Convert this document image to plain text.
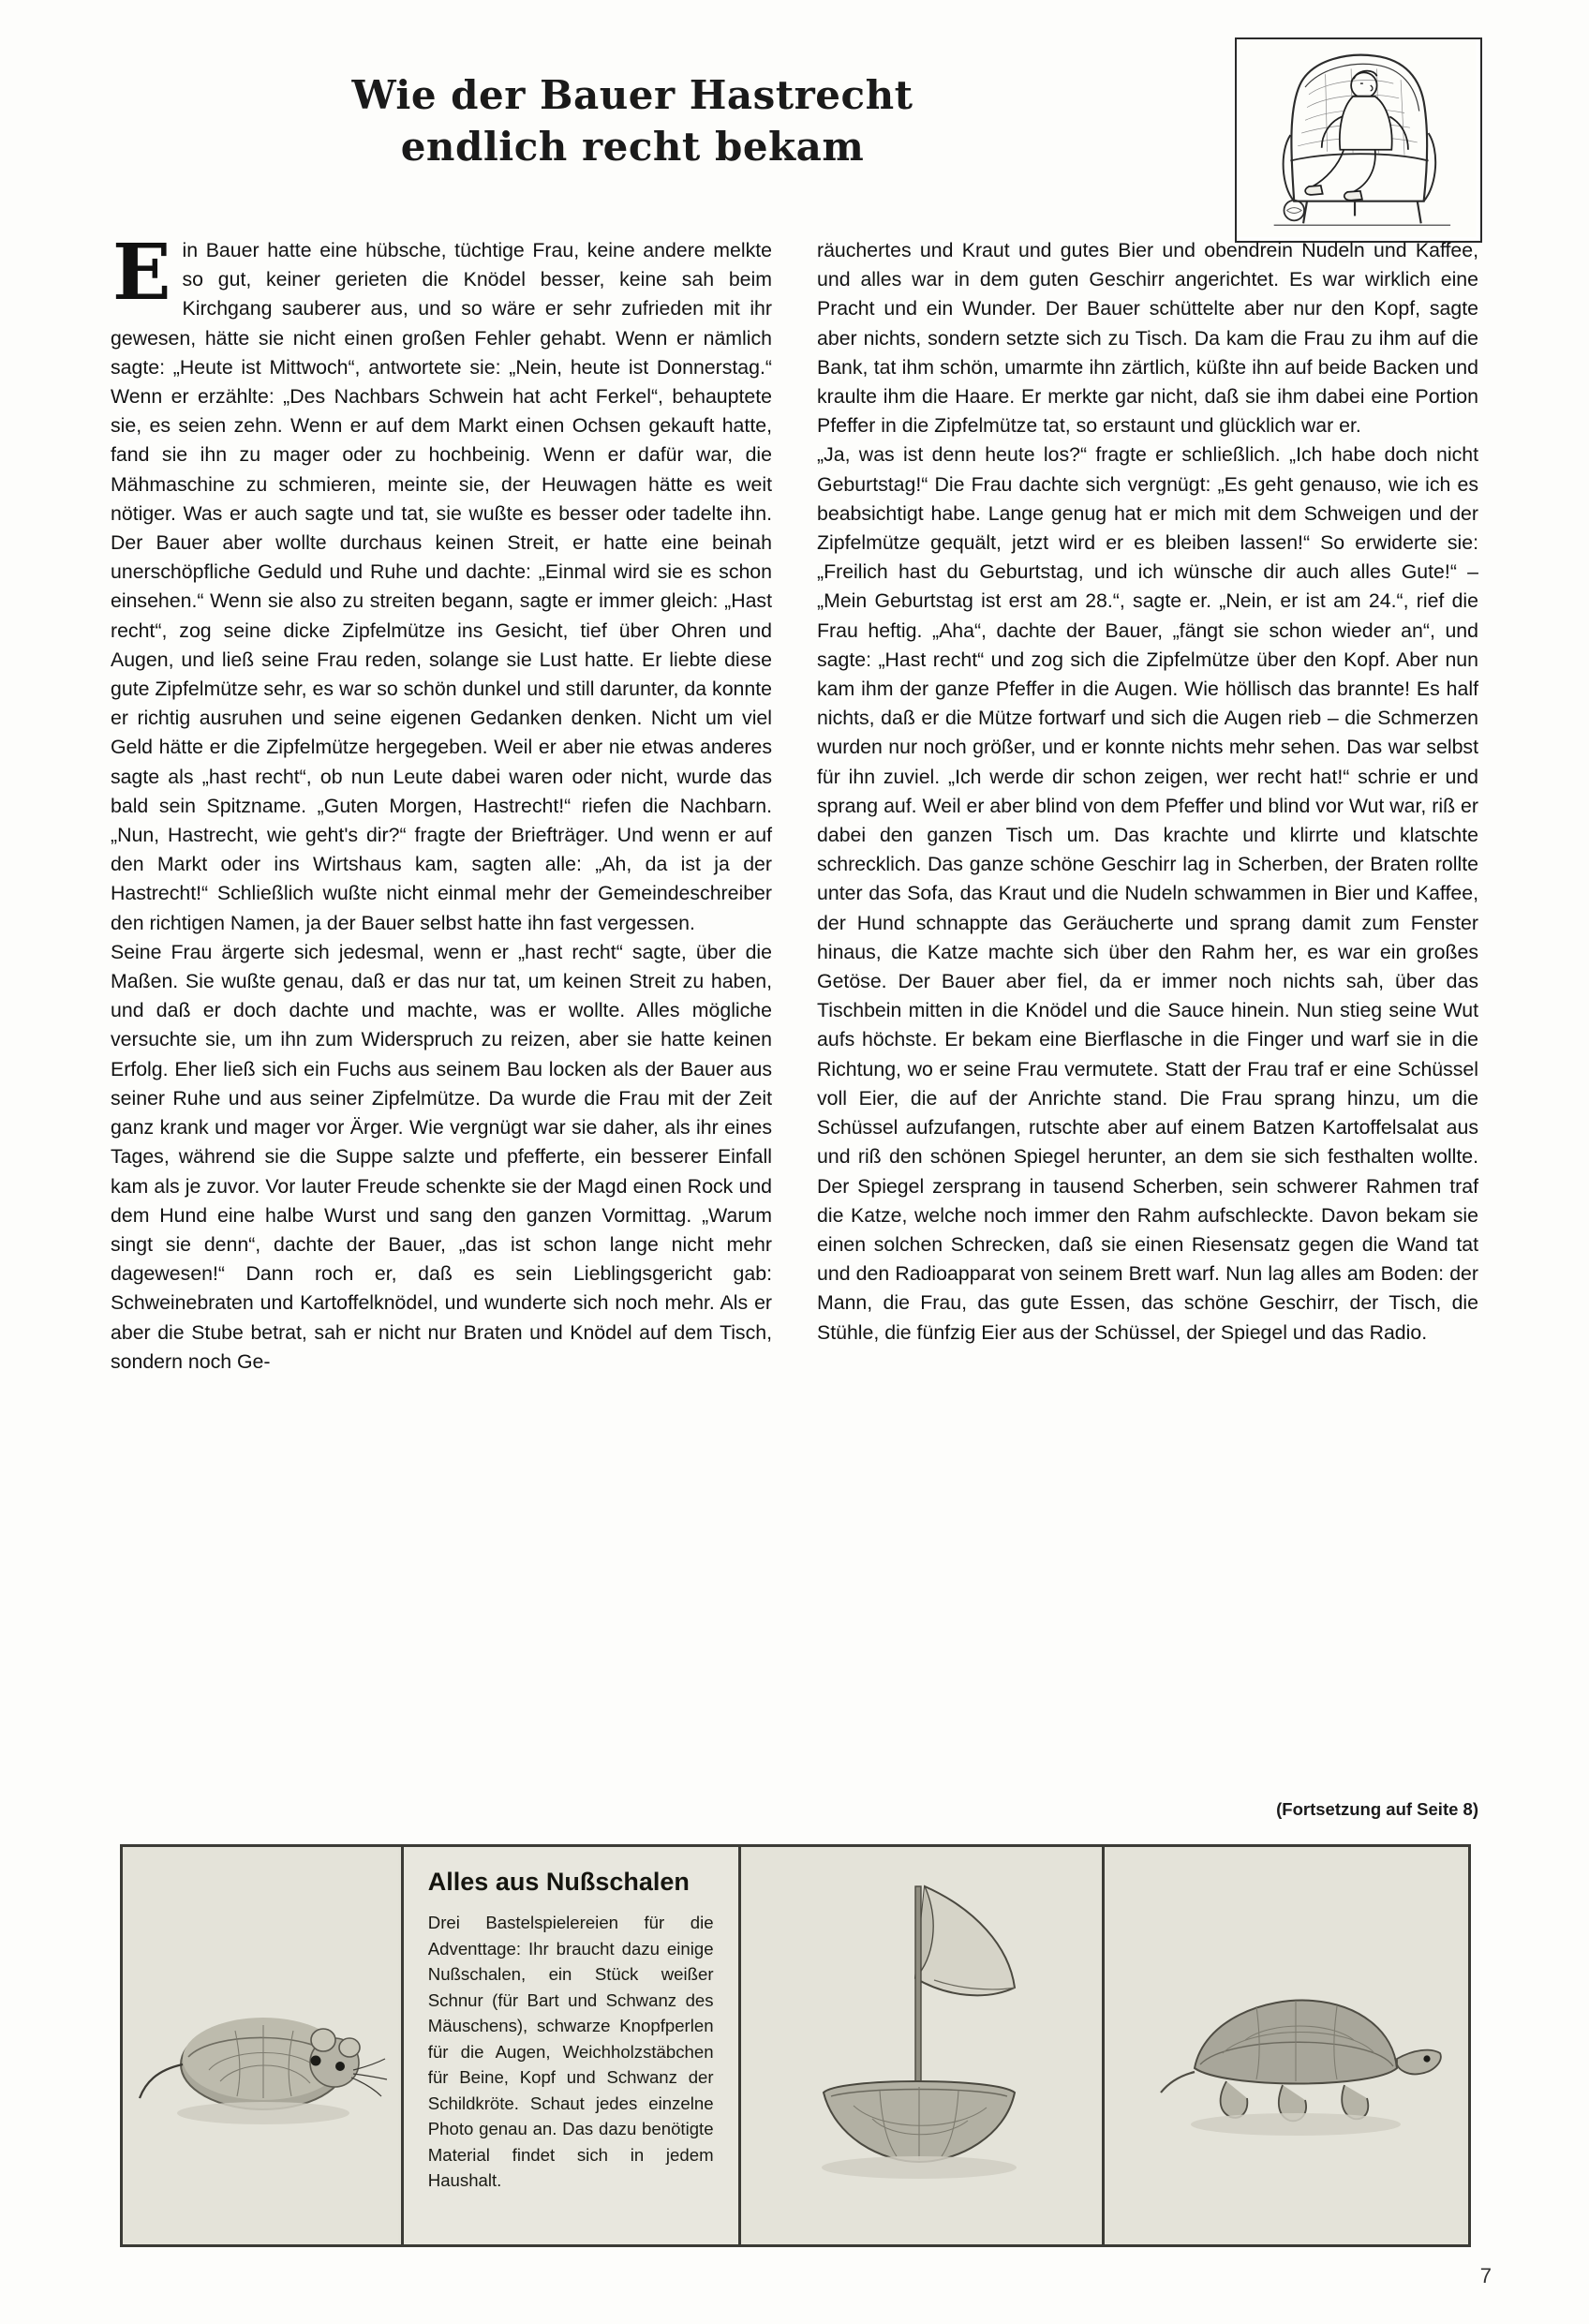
Wie der Bauer Hastrecht
endlich recht bekam

E in Bauer hatte eine hübsche, tüchtige Frau, keine andere melkte so gut, keiner gerieten die Knödel besser, keine sah beim Kirchgang sauberer aus, und so wäre er sehr zufrieden mit ihr gewesen, hätte sie nicht einen großen Fehler gehabt. Wenn er nämlich sagte: „Heute ist Mittwoch“, antwortete sie: „Nein, heute ist Donnerstag.“ Wenn er erzählte: „Des Nachbars Schwein hat acht Ferkel“, behauptete sie, es seien zehn. Wenn er auf dem Markt einen Ochsen gekauft hatte, fand sie ihn zu mager oder zu hochbeinig. Wenn er dafür war, die Mähmaschine zu schmieren, meinte sie, der Heuwagen hätte es weit nötiger. Was er auch sagte und tat, sie wußte es besser oder tadelte ihn. Der Bauer aber wollte durchaus keinen Streit, er hatte eine beinah unerschöpfliche Geduld und Ruhe und dachte: „Einmal wird sie es schon einsehen.“ Wenn sie also zu streiten begann, sagte er immer gleich: „Hast recht“, zog seine dicke Zipfelmütze ins Gesicht, tief über Ohren und Augen, und ließ seine Frau reden, solange sie Lust hatte. Er liebte diese gute Zipfelmütze sehr, es war so schön dunkel und still darunter, da konnte er richtig ausruhen und seine eigenen Gedanken denken. Nicht um viel Geld hätte er die Zipfelmütze hergegeben. Weil er aber nie etwas anderes sagte als „hast recht“, ob nun Leute dabei waren oder nicht, wurde das bald sein Spitzname. „Guten Morgen, Hastrecht!“ riefen die Nachbarn. „Nun, Hastrecht, wie geht's dir?“ fragte der Briefträger. Und wenn er auf den Markt oder ins Wirtshaus kam, sagten alle: „Ah, da ist ja der Hastrecht!“ Schließlich wußte nicht einmal mehr der Gemeindeschreiber den richtigen Namen, ja der Bauer selbst hatte ihn fast vergessen.

Seine Frau ärgerte sich jedesmal, wenn er „hast recht“ sagte, über die Maßen. Sie wußte genau, daß er das nur tat, um keinen Streit zu haben, und daß er doch dachte und machte, was er wollte. Alles mögliche versuchte sie, um ihn zum Widerspruch zu reizen, aber sie hatte keinen Erfolg. Eher ließ sich ein Fuchs aus seinem Bau locken als der Bauer aus seiner Ruhe und aus seiner Zipfelmütze. Da wurde die Frau mit der Zeit ganz krank und mager vor Ärger. Wie vergnügt war sie daher, als ihr eines Tages, während sie die Suppe salzte und pfefferte, ein besserer Einfall kam als je zuvor. Vor lauter Freude schenkte sie der Magd einen Rock und dem Hund eine halbe Wurst und sang den ganzen Vormittag. „Warum singt sie denn“, dachte der Bauer, „das ist schon lange nicht mehr dagewesen!“ Dann roch er, daß es sein Lieblingsgericht gab: Schweinebraten und Kartoffelknödel, und wunderte sich noch mehr. Als er aber die Stube betrat, sah er nicht nur Braten und Knödel auf dem Tisch, sondern noch Ge-

räuchertes und Kraut und gutes Bier und obendrein Nudeln und Kaffee, und alles war in dem guten Geschirr angerichtet. Es war wirklich eine Pracht und ein Wunder. Der Bauer schüttelte aber nur den Kopf, sagte aber nichts, sondern setzte sich zu Tisch. Da kam die Frau zu ihm auf die Bank, tat ihm schön, umarmte ihn zärtlich, küßte ihn auf beide Backen und kraulte ihm die Haare. Er merkte gar nicht, daß sie ihm dabei eine Portion Pfeffer in die Zipfelmütze tat, so erstaunt und glücklich war er.

„Ja, was ist denn heute los?“ fragte er schließlich. „Ich habe doch nicht Geburtstag!“ Die Frau dachte sich vergnügt: „Es geht genauso, wie ich es beabsichtigt habe. Lange genug hat er mich mit dem Schweigen und der Zipfelmütze gequält, jetzt wird er es bleiben lassen!“ So erwiderte sie: „Freilich hast du Geburtstag, und ich wünsche dir auch alles Gute!“ – „Mein Geburtstag ist erst am 28.“, sagte er. „Nein, er ist am 24.“, rief die Frau heftig. „Aha“, dachte der Bauer, „fängt sie schon wieder an“, und sagte: „Hast recht“ und zog sich die Zipfelmütze über den Kopf. Aber nun kam ihm der ganze Pfeffer in die Augen. Wie höllisch das brannte! Es half nichts, daß er die Mütze fortwarf und sich die Augen rieb – die Schmerzen wurden nur noch größer, und er konnte nichts mehr sehen. Das war selbst für ihn zuviel. „Ich werde dir schon zeigen, wer recht hat!“ schrie er und sprang auf. Weil er aber blind von dem Pfeffer und blind vor Wut war, riß er dabei den ganzen Tisch um. Das krachte und klirrte und klatschte schrecklich. Das ganze schöne Geschirr lag in Scherben, der Braten rollte unter das Sofa, das Kraut und die Nudeln schwammen in Bier und Kaffee, der Hund schnappte das Geräucherte und sprang damit zum Fenster hinaus, die Katze machte sich über den Rahm her, es war ein großes Getöse. Der Bauer aber fiel, da er immer noch nichts sah, über das Tischbein mitten in die Knödel und die Sauce hinein. Nun stieg seine Wut aufs höchste. Er bekam eine Bierflasche in die Finger und warf sie in die Richtung, wo er seine Frau vermutete. Statt der Frau traf er eine Schüssel voll Eier, die auf der Anrichte stand. Die Frau sprang hinzu, um die Schüssel aufzufangen, rutschte aber auf einem Batzen Kartoffelsalat aus und riß den schönen Spiegel herunter, an dem sie sich festhalten wollte. Der Spiegel zersprang in tausend Scherben, sein schwerer Rahmen traf die Katze, welche noch immer den Rahm aufschleckte. Davon bekam sie einen solchen Schrecken, daß sie einen Riesensatz gegen die Wand tat und den Radioapparat von seinem Brett warf. Nun lag alles am Boden: der Mann, die Frau, das gute Essen, das schöne Geschirr, der Tisch, die Stühle, die fünfzig Eier aus der Schüssel, der Spiegel und das Radio.

(Fortsetzung auf Seite 8)
Alles aus Nußschalen
Drei Bastelspielereien für die Adventtage: Ihr braucht dazu einige Nußschalen, ein Stück weißer Schnur (für Bart und Schwanz des Mäuschens), schwarze Knopfperlen für die Augen, Weichholzstäbchen für Beine, Kopf und Schwanz der Schildkröte. Schaut jedes einzelne Photo genau an. Das dazu benötigte Material findet sich in jedem Haushalt.
7
